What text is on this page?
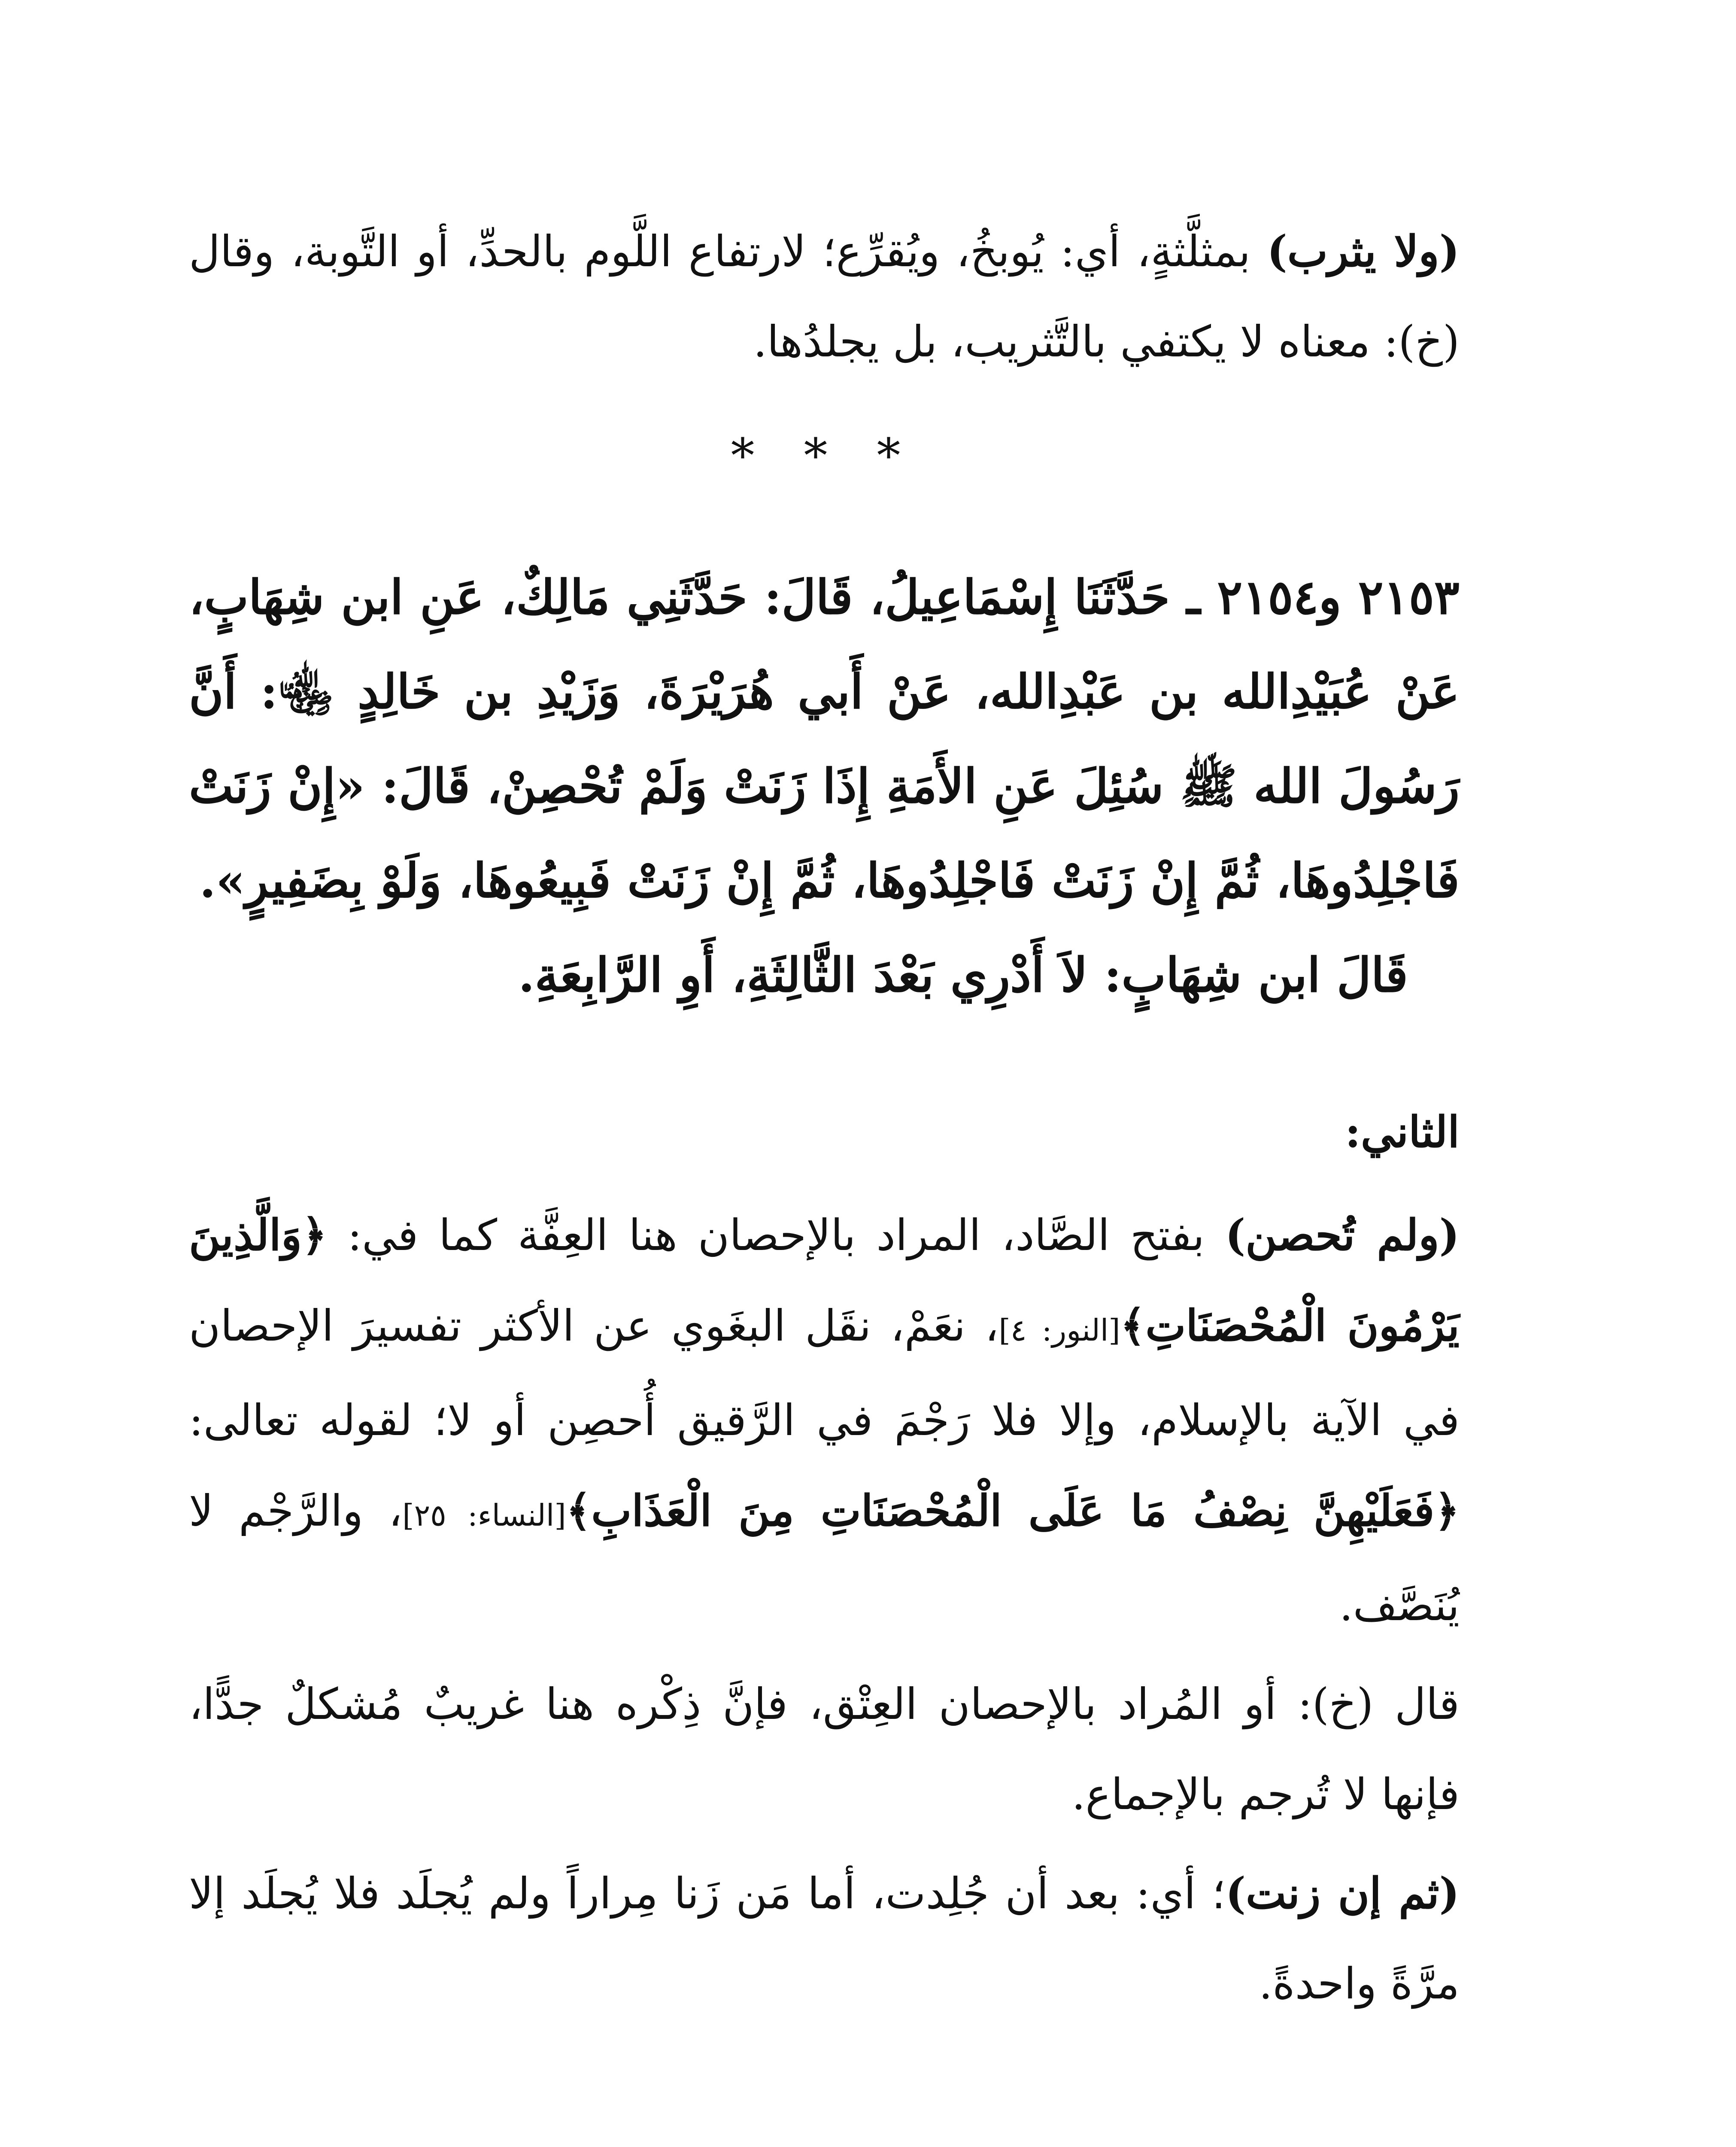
(ولا يثرب) بمثلَّثةٍ، أي: يُوبخُ، ويُقرِّع؛ لارتفاع اللَّوم بالحدِّ، أو التَّوبة، وقال (خ): معناه لا يكتفي بالتَّثريب، بل يجلدُها.

* * *

٢١٥٣ و٢١٥٤ ـ حَدَّثَنَا إِسْمَاعِيلُ، قَالَ: حَدَّثَنِي مَالِكٌ، عَنِ ابن شِهَابٍ، عَنْ عُبَيْدِالله بن عَبْدِالله، عَنْ أَبي هُرَيْرَةَ، وَزَيْدِ بن خَالِدٍ ﵄: أَنَّ رَسُولَ الله ﷺ سُئِلَ عَنِ الأَمَةِ إِذَا زَنَتْ وَلَمْ تُحْصِنْ، قَالَ: «إِنْ زَنَتْ فَاجْلِدُوهَا، ثُمَّ إِنْ زَنَتْ فَاجْلِدُوهَا، ثُمَّ إِنْ زَنَتْ فَبِيعُوهَا، وَلَوْ بِضَفِيرٍ».

قَالَ ابن شِهَابٍ: لاَ أَدْرِي بَعْدَ الثَّالِثَةِ، أَوِ الرَّابِعَةِ.

الثاني:

(ولم تُحصن) بفتح الصَّاد، المراد بالإحصان هنا العِفَّة كما في: ﴿وَالَّذِينَ يَرْمُونَ الْمُحْصَنَاتِ﴾[النور: ٤]، نعَمْ، نقَل البغَوي عن الأكثر تفسيرَ الإحصان في الآية بالإسلام، وإلا فلا رَجْمَ في الرَّقيق أُحصِن أو لا؛ لقوله تعالى: ﴿فَعَلَيْهِنَّ نِصْفُ مَا عَلَى الْمُحْصَنَاتِ مِنَ الْعَذَابِ﴾[النساء: ٢٥]، والرَّجْم لا يُنَصَّف.

قال (خ): أو المُراد بالإحصان العِتْق، فإنَّ ذِكْره هنا غريبٌ مُشكلٌ جدًّا، فإنها لا تُرجم بالإجماع.

(ثم إن زنت)؛ أي: بعد أن جُلِدت، أما مَن زَنا مِراراً ولم يُجلَد فلا يُجلَد إلا مرَّةً واحدةً.
